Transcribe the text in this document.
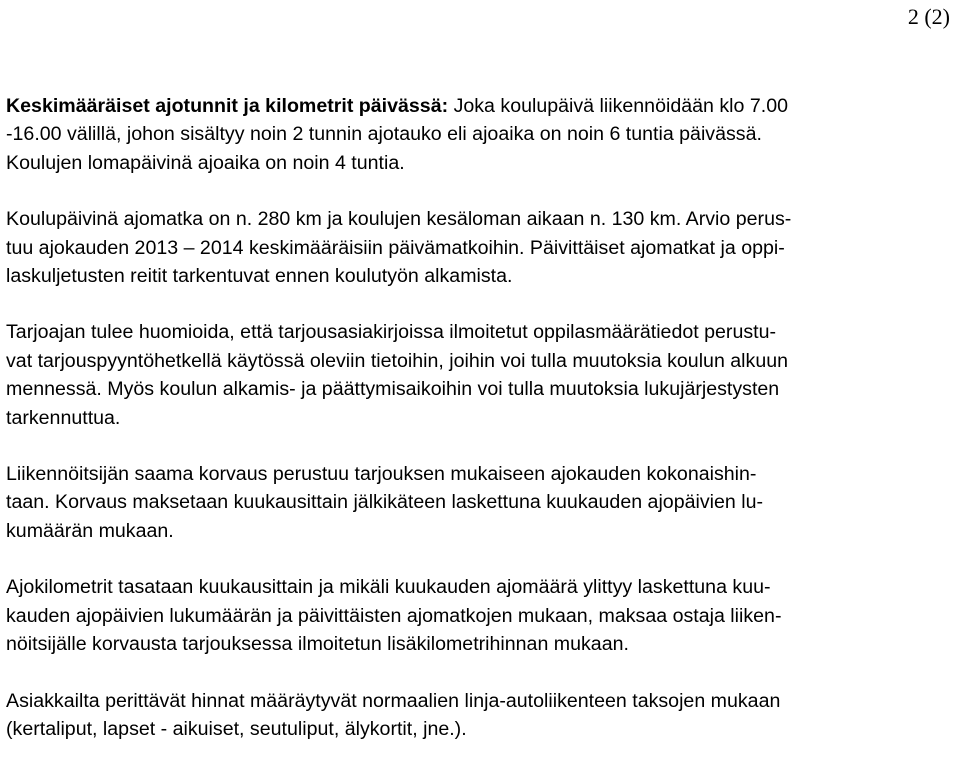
2 (2)
Keskimääräiset ajotunnit ja kilometrit päivässä: Joka koulupäivä liikennöidään klo 7.00
-16.00 välillä, johon sisältyy noin 2 tunnin ajotauko eli ajoaika on noin 6 tuntia päivässä.
Koulujen lomapäivinä ajoaika on noin 4 tuntia.
Koulupäivinä ajomatka on n. 280 km ja koulujen kesäloman aikaan n. 130 km. Arvio perus-
tuu ajokauden 2013 – 2014 keskimääräisiin päivämatkoihin. Päivittäiset ajomatkat ja oppi-
laskuljetusten reitit tarkentuvat ennen koulutyön alkamista.
Tarjoajan tulee huomioida, että tarjousasiakirjoissa ilmoitetut oppilasmäärätiedot perustu-
vat tarjouspyyntöhetkellä käytössä oleviin tietoihin, joihin voi tulla muutoksia koulun alkuun
mennessä. Myös koulun alkamis- ja päättymisaikoihin voi tulla muutoksia lukujärjestysten
tarkennuttua.
Liikennöitsijän saama korvaus perustuu tarjouksen mukaiseen ajokauden kokonaishin-
taan. Korvaus maksetaan kuukausittain jälkikäteen laskettuna kuukauden ajopäivien lu-
kumäärän mukaan.
Ajokilometrit tasataan kuukausittain ja mikäli kuukauden ajomäärä ylittyy laskettuna kuu-
kauden ajopäivien lukumäärän ja päivittäisten ajomatkojen mukaan, maksaa ostaja liiken-
nöitsijälle korvausta tarjouksessa ilmoitetun lisäkilometrihinnan mukaan.
Asiakkailta perittävät hinnat määräytyvät normaalien linja-autoliikenteen taksojen mukaan
(kertaliput, lapset - aikuiset, seutuliput, älykortit, jne.).
